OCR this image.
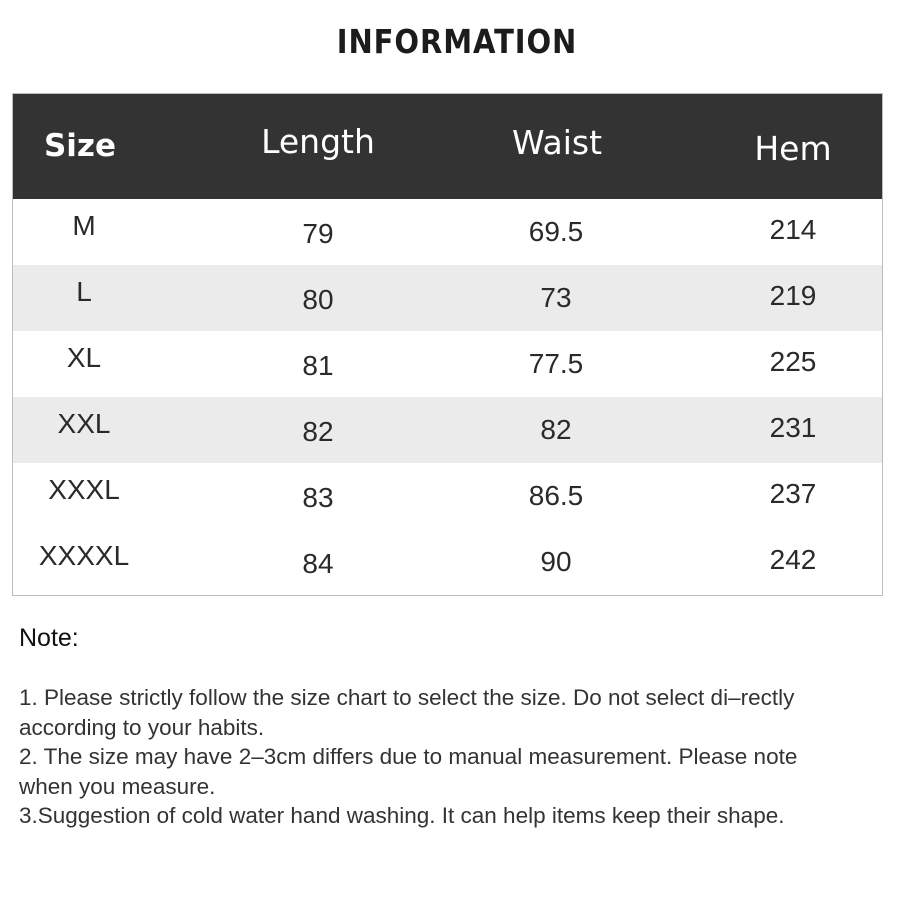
INFORMATION
Size	Length	Waist	Hem
M	79	69.5	214
L	80	73	219
XL	81	77.5	225
XXL	82	82	231
XXXL	83	86.5	237
XXXXL	84	90	242
Note:

1. Please strictly follow the size chart to select the size. Do not select di–rectly according to your habits.

2. The size may have 2–3cm differs due to manual measurement. Please note when you measure.

3.Suggestion of cold water hand washing. It can help items keep their shape.
